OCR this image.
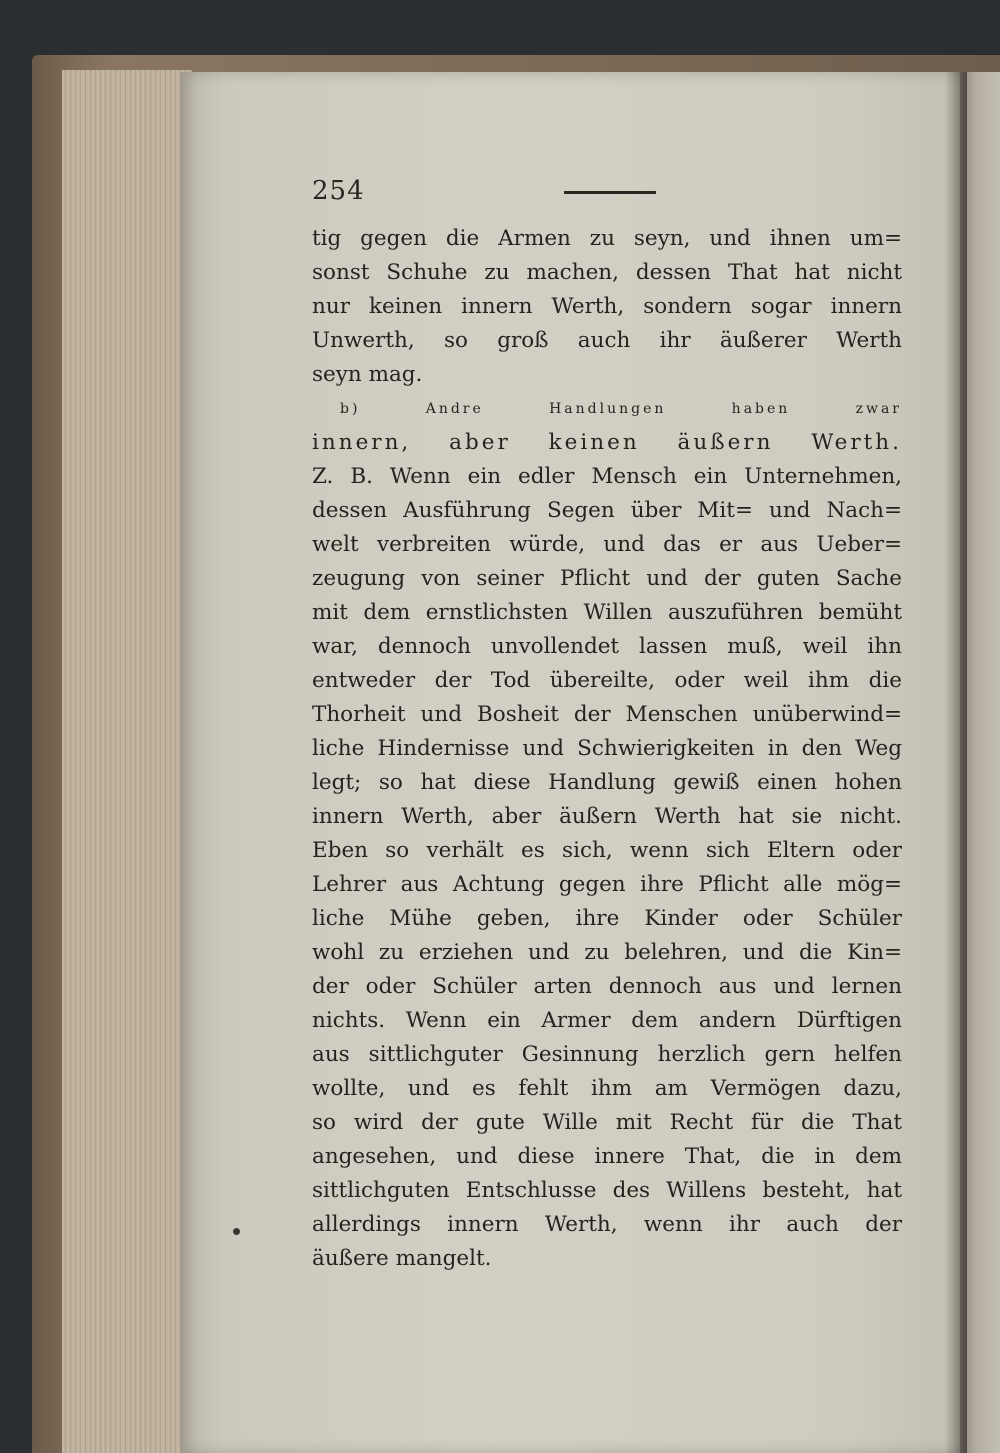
254
tig gegen die Armen zu seyn, und ihnen um=
sonst Schuhe zu machen, dessen That hat nicht
nur keinen innern Werth, sondern sogar innern
Unwerth, so groß auch ihr äußerer Werth
seyn mag.
b) Andre Handlungen haben zwar
innern, aber keinen äußern Werth.
Z. B. Wenn ein edler Mensch ein Unternehmen,
dessen Ausführung Segen über Mit= und Nach=
welt verbreiten würde, und das er aus Ueber=
zeugung von seiner Pflicht und der guten Sache
mit dem ernstlichsten Willen auszuführen bemüht
war, dennoch unvollendet lassen muß, weil ihn
entweder der Tod übereilte, oder weil ihm die
Thorheit und Bosheit der Menschen unüberwind=
liche Hindernisse und Schwierigkeiten in den Weg
legt; so hat diese Handlung gewiß einen hohen
innern Werth, aber äußern Werth hat sie nicht.
Eben so verhält es sich, wenn sich Eltern oder
Lehrer aus Achtung gegen ihre Pflicht alle mög=
liche Mühe geben, ihre Kinder oder Schüler
wohl zu erziehen und zu belehren, und die Kin=
der oder Schüler arten dennoch aus und lernen
nichts. Wenn ein Armer dem andern Dürftigen
aus sittlichguter Gesinnung herzlich gern helfen
wollte, und es fehlt ihm am Vermögen dazu,
so wird der gute Wille mit Recht für die That
angesehen, und diese innere That, die in dem
sittlichguten Entschlusse des Willens besteht, hat
allerdings innern Werth, wenn ihr auch der
äußere mangelt.
